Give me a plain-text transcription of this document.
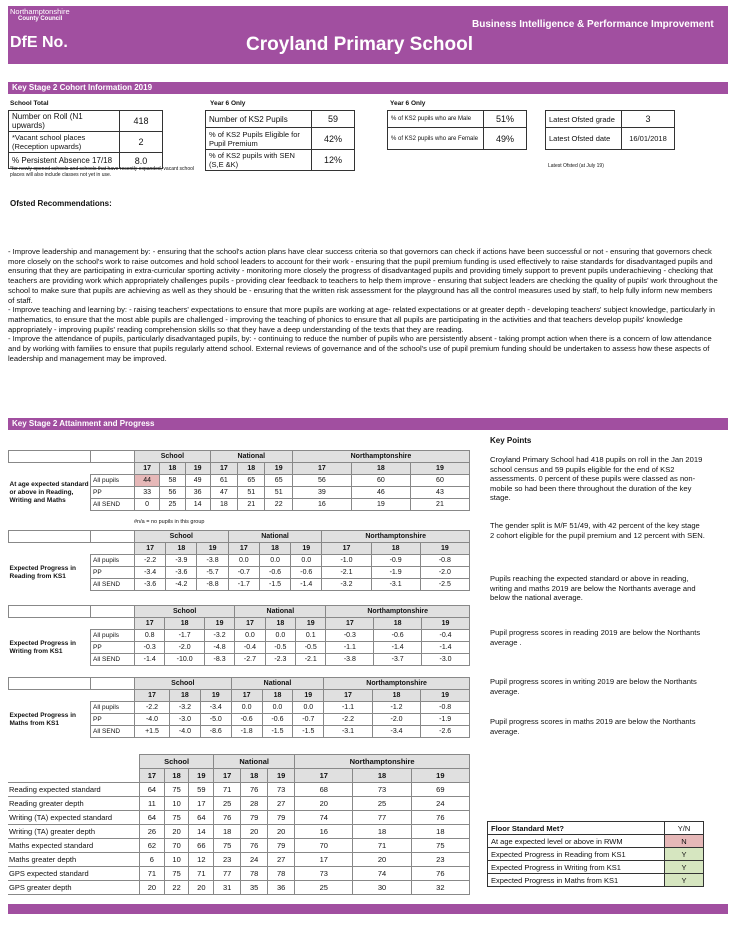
Northamptonshire
County Council
DfE No.	Croyland Primary School
Business Intelligence & Performance Improvement
Key Stage 2 Cohort Information 2019
School Total	Year 6 Only	Year 6 Only
Number on Roll (N1 upwards)	418
*Vacant school places (Reception upwards)	2
% Persistent Absence 17/18	8.0
*for newly opened schools and schools that have recently expanded, vacant school places will also include classes not yet in use.
Number of KS2 Pupils	59
% of KS2 Pupils Eligible for Pupil Premium	42%
% of KS2 pupils with SEN (S,E &K)	12%
% of KS2 pupils who are Male	51%
% of KS2 pupils who are Female	49%
Latest Ofsted grade	3
Latest Ofsted date	16/01/2018
Latest Ofsted (at July 19)
Ofsted Recommendations:
- Improve leadership and management by: - ensuring that the school's action plans have clear success criteria so that governors can check if actions have been successful or not - ensuring that governors check more closely on the school's work to raise outcomes and hold school leaders to account for their work - ensuring that the pupil premium funding is used effectively to raise standards for disadvantaged pupils and ensuring that they are participating in extra-curricular sporting activity - monitoring more closely the progress of disadvantaged pupils and providing timely support to prevent pupils underachieving - checking that teachers are providing work which appropriately challenges pupils - providing clear feedback to teachers to help them improve - ensuring that subject leaders are checking the quality of pupils' work throughout the school to make sure that pupils are achieving as well as they should be - ensuring that the written risk assessment for the playground has all the control measures used by staff, to help fully inform new members of staff.
- Improve teaching and learning by: - raising teachers' expectations to ensure that more pupils are working at age- related expectations or at greater depth - developing teachers' subject knowledge, particularly in mathematics, to ensure that the most able pupils are challenged - improving the teaching of phonics to ensure that all pupils are participating in the activities and that teachers develop pupils' knowledge appropriately - improving pupils' reading comprehension skills so that they have a deep understanding of the texts that they are reading.
- Improve the attendance of pupils, particularly disadvantaged pupils, by: - continuing to reduce the number of pupils who are persistently absent - taking prompt action when there is a concern of low attendance and by working with families to ensure that pupils regularly attend school. External reviews of governance and of the school's use of pupil premium funding should be undertaken to assess how these aspects of leadership and management may be improved.
Key Stage 2 Attainment and Progress
		School			National			Northamptonshire		
		17	18	19	17	18	19	17	18	19
At age expected standard or above in Reading, Writing and Maths	All pupils	44	58	49	61	65	65	56	60	60
	PP	33	56	36	47	51	51	39	46	43
	All SEND	0	25	14	18	21	22	16	19	21
		School			National			Northamptonshire		
		17	18	19	17	18	19	17	18	19
Expected Progress in Reading from KS1	All pupils	-2.2	-3.9	-3.8	0.0	0.0	0.0	-1.0	-0.9	-0.8
	PP	-3.4	-3.6	-5.7	-0.7	-0.6	-0.6	-2.1	-1.9	-2.0
	All SEND	-3.6	-4.2	-8.8	-1.7	-1.5	-1.4	-3.2	-3.1	-2.5
		School			National			Northamptonshire		
		17	18	19	17	18	19	17	18	19
Expected Progress in Writing from KS1	All pupils	0.8	-1.7	-3.2	0.0	0.0	0.1	-0.3	-0.6	-0.4
	PP	-0.3	-2.0	-4.8	-0.4	-0.5	-0.5	-1.1	-1.4	-1.4
	All SEND	-1.4	-10.0	-8.3	-2.7	-2.3	-2.1	-3.8	-3.7	-3.0
		School			National			Northamptonshire		
		17	18	19	17	18	19	17	18	19
Expected Progress in Maths from KS1	All pupils	-2.2	-3.2	-3.4	0.0	0.0	0.0	-1.1	-1.2	-0.8
	PP	-4.0	-3.0	-5.0	-0.6	-0.6	-0.7	-2.2	-2.0	-1.9
	All SEND	+1.5	-4.0	-8.6	-1.8	-1.5	-1.5	-3.1	-3.4	-2.6
#n/a = no pupils in this group
	School			National			Northamptonshire		
	17	18	19	17	18	19	17	18	19
Reading expected standard	64	75	59	71	76	73	68	73	69
Reading greater depth	11	10	17	25	28	27	20	25	24
Writing (TA) expected standard	64	75	64	76	79	79	74	77	76
Writing (TA) greater depth	26	20	14	18	20	20	16	18	18
Maths expected standard	62	70	66	75	76	79	70	71	75
Maths greater depth	6	10	12	23	24	27	17	20	23
GPS expected standard	71	75	71	77	78	78	73	74	76
GPS greater depth	20	22	20	31	35	36	25	30	32
Key Points
Croyland Primary School had 418 pupils on roll in the Jan 2019 school census and 59 pupils eligible for the end of KS2 assessments. 0 percent of these pupils were classed as non-mobile so had been there throughout the duration of the key stage.
The gender split is M/F 51/49, with 42 percent of the key stage 2 cohort eligible for the pupil premium and 12 percent with SEN.
Pupils reaching the expected standard or above in reading, writing and maths 2019 are below the Northants average and below the national average.
Pupil progress scores in reading 2019 are below the Northants average .
Pupil progress scores in writing 2019 are below the Northants average.
Pupil progress scores in maths 2019 are below the Northants average.
Floor Standard Met?	Y/N
At age expected level or above in RWM	N
Expected Progress in Reading from KS1	Y
Expected Progress in Writing from KS1	Y
Expected Progress in Maths from KS1	Y
